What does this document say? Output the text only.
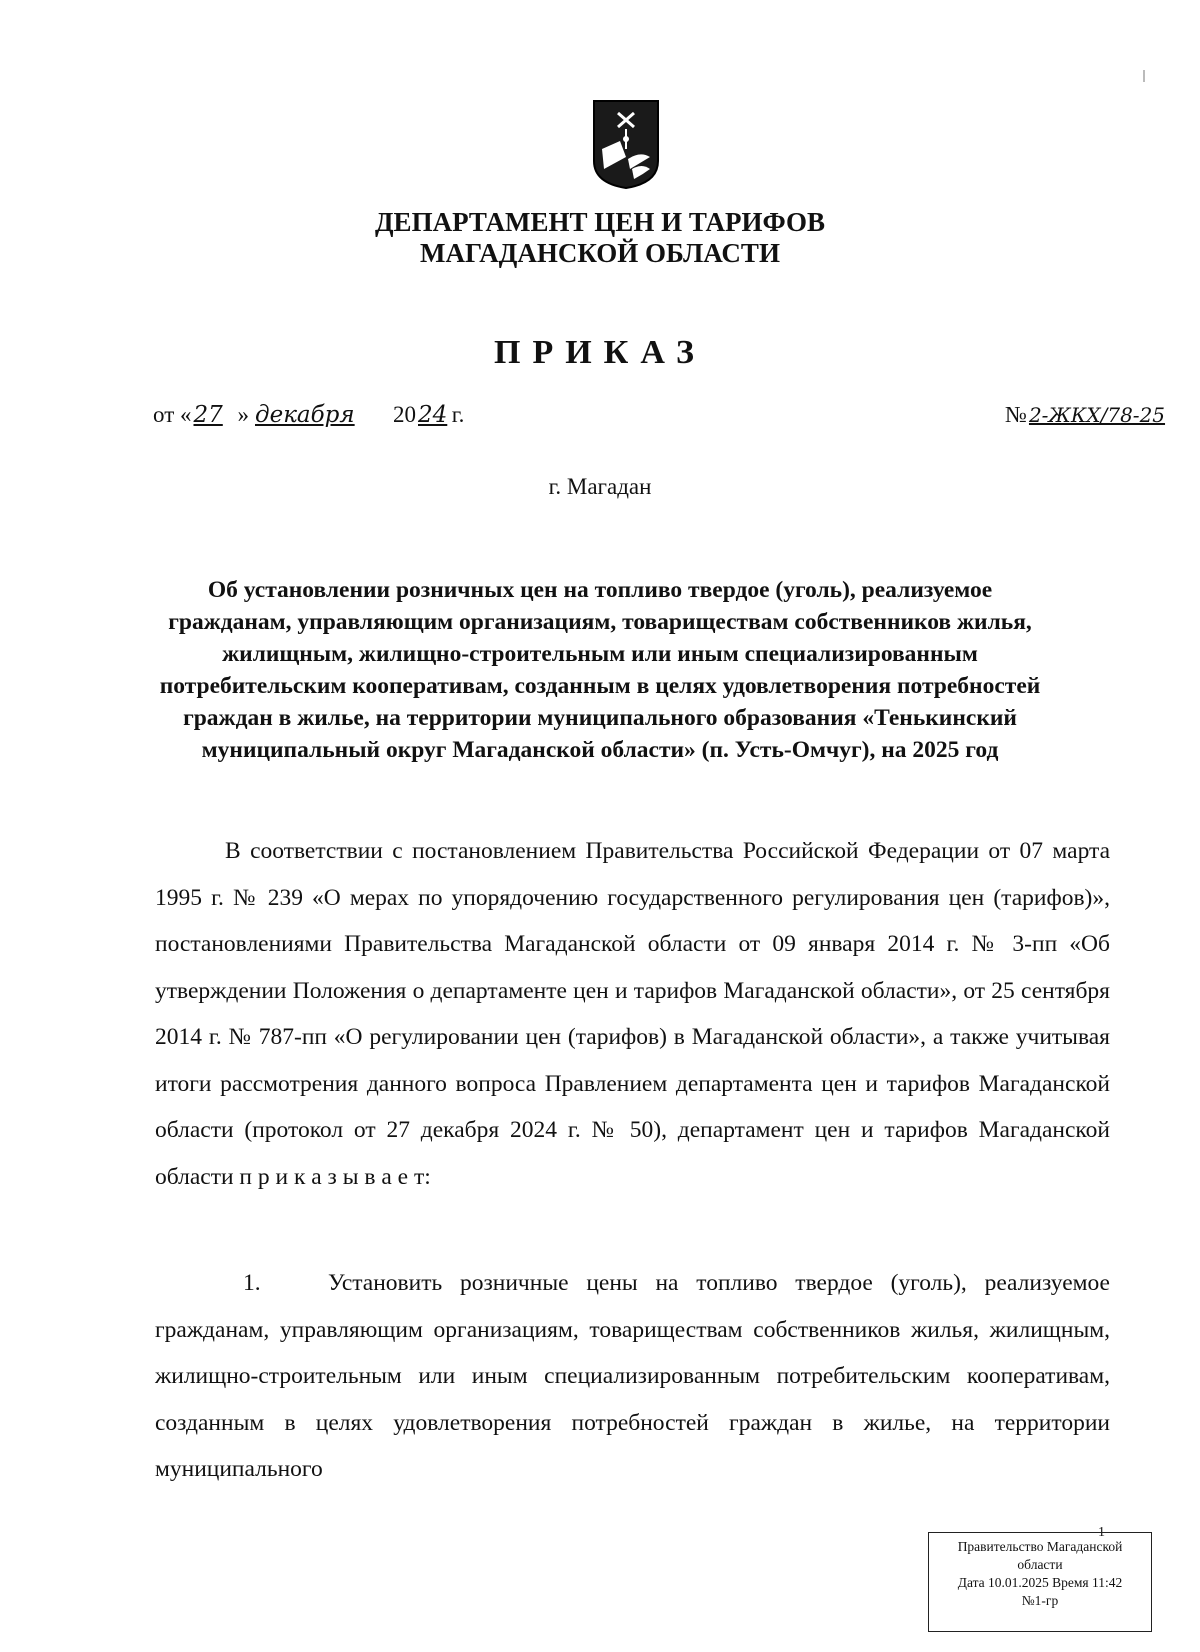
ДЕПАРТАМЕНТ ЦЕН И ТАРИФОВ
МАГАДАНСКОЙ ОБЛАСТИ
ПРИКАЗ
от «27 » декабря 2024 г.	№ 2-ЖКХ/78-25
г. Магадан
Об установлении розничных цен на топливо твердое (уголь), реализуемое гражданам, управляющим организациям, товариществам собственников жилья, жилищным, жилищно-строительным или иным специализированным потребительским кооперативам, созданным в целях удовлетворения потребностей граждан в жилье, на территории муниципального образования «Тенькинский муниципальный округ Магаданской области» (п. Усть-Омчуг), на 2025 год
В соответствии с постановлением Правительства Российской Федерации от 07 марта 1995 г. № 239 «О мерах по упорядочению государственного регулирования цен (тарифов)», постановлениями Правительства Магаданской области от 09 января 2014 г. № 3-пп «Об утверждении Положения о департаменте цен и тарифов Магаданской области», от 25 сентября 2014 г. № 787-пп «О регулировании цен (тарифов) в Магаданской области», а также учитывая итоги рассмотрения данного вопроса Правлением департамента цен и тарифов Магаданской области (протокол от 27 декабря 2024 г. № 50), департамент цен и тарифов Магаданской области п р и к а з ы в а е т:
1.	Установить розничные цены на топливо твердое (уголь), реализуемое гражданам, управляющим организациям, товариществам собственников жилья, жилищным, жилищно-строительным или иным специализированным потребительским кооперативам, созданным в целях удовлетворения потребностей граждан в жилье, на территории муниципального
1
Правительство Магаданской
области
Дата 10.01.2025 Время 11:42
№1-гр
